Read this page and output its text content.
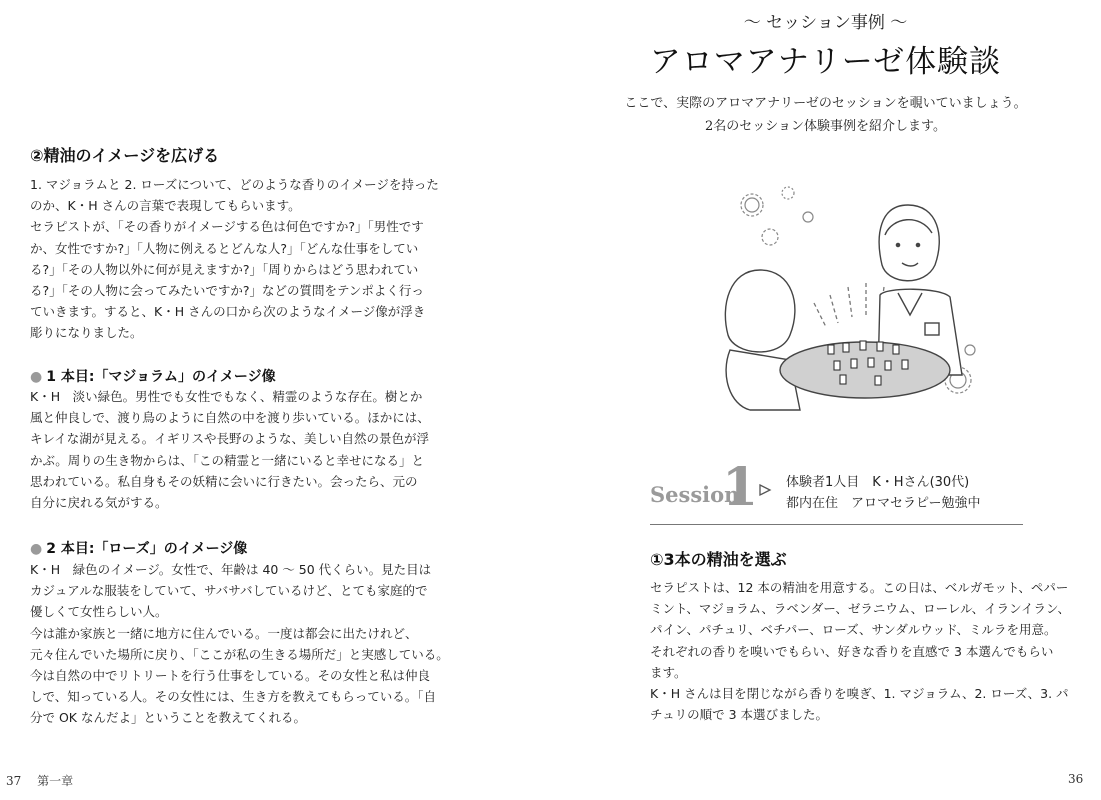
②精油のイメージを広げる
1. マジョラムと 2. ローズについて、どのような香りのイメージを持った
のか、K・H さんの言葉で表現してもらいます。
セラピストが、「その香りがイメージする色は何色ですか?」「男性です
か、女性ですか?」「人物に例えるとどんな人?」「どんな仕事をしてい
る?」「その人物以外に何が見えますか?」「周りからはどう思われてい
る?」「その人物に会ってみたいですか?」などの質問をテンポよく行っ
ていきます。すると、K・H さんの口から次のようなイメージ像が浮き
彫りになりました。
● 1 本目:「マジョラム」のイメージ像
K・H　淡い緑色。男性でも女性でもなく、精霊のような存在。樹とか
風と仲良しで、渡り鳥のように自然の中を渡り歩いている。ほかには、
キレイな湖が見える。イギリスや長野のような、美しい自然の景色が浮
かぶ。周りの生き物からは、「この精霊と一緒にいると幸せになる」と
思われている。私自身もその妖精に会いに行きたい。会ったら、元の
自分に戻れる気がする。
● 2 本目:「ローズ」のイメージ像
K・H　緑色のイメージ。女性で、年齢は 40 〜 50 代くらい。見た目は
カジュアルな服装をしていて、サバサバしているけど、とても家庭的で
優しくて女性らしい人。
今は誰か家族と一緒に地方に住んでいる。一度は都会に出たけれど、
元々住んでいた場所に戻り、「ここが私の生きる場所だ」と実感している。
今は自然の中でリトリートを行う仕事をしている。その女性と私は仲良
しで、知っている人。その女性には、生き方を教えてもらっている。「自
分で OK なんだよ」ということを教えてくれる。
37 第一章
〜 セッション事例 〜
アロマアナリーゼ体験談
ここで、実際のアロマアナリーゼのセッションを覗いていましょう。
2名のセッション体験事例を紹介します。
Session
1 体験者1人目　K・Hさん(30代)
都内在住　アロマセラピー勉強中
①3本の精油を選ぶ
セラピストは、12 本の精油を用意する。この日は、ベルガモット、ペパー
ミント、マジョラム、ラベンダー、ゼラニウム、ローレル、イランイラン、
パイン、パチュリ、ベチパー、ローズ、サンダルウッド、ミルラを用意。
それぞれの香りを嗅いでもらい、好きな香りを直感で 3 本選んでもらい
ます。
K・H さんは目を閉じながら香りを嗅ぎ、1. マジョラム、2. ローズ、3. パ
チュリの順で 3 本選びました。
36
